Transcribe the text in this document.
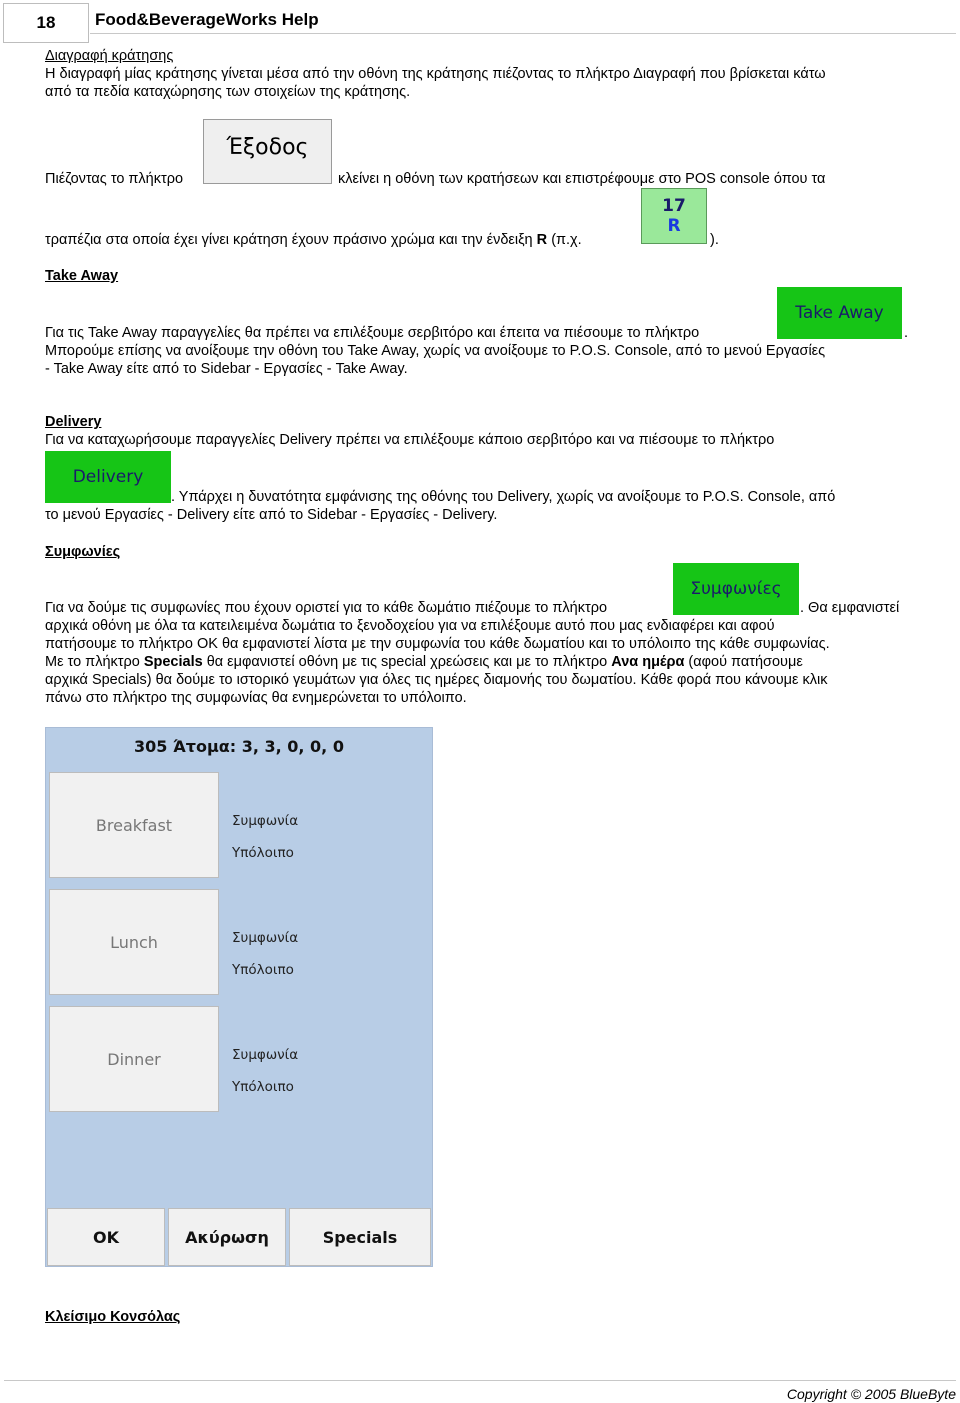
18	Food&BeverageWorks Help
Διαγραφή κράτησης
Η διαγραφή μίας κράτησης γίνεται μέσα από την οθόνη της κράτησης πιέζοντας το πλήκτρο Διαγραφή που βρίσκεται κάτω
από τα πεδία καταχώρησης των στοιχείων της κράτησης.
Πιέζοντας το πλήκτρο
Έξοδος
κλείνει η οθόνη των κρατήσεων και επιστρέφουμε στο POS console όπου τα
τραπέζια στα οποία έχει γίνει κράτηση έχουν πράσινο χρώμα και την ένδειξη R (π.χ.
17
R
).
Take Away
Για τις Take Away παραγγελίες θα πρέπει να επιλέξουμε σερβιτόρο και έπειτα να πιέσουμε το πλήκτρο
Take Away
.
Μπορούμε επίσης να ανοίξουμε την οθόνη του Take Away, χωρίς να ανοίξουμε το P.O.S. Console, από το μενού Εργασίες
- Take Away είτε από το Sidebar - Εργασίες - Take Away.
Delivery
Για να καταχωρήσουμε παραγγελίες Delivery πρέπει να επιλέξουμε κάποιο σερβιτόρο και να πιέσουμε το πλήκτρο
Delivery
. Υπάρχει η δυνατότητα εμφάνισης της οθόνης του Delivery, χωρίς να ανοίξουμε το P.O.S. Console, από
το μενού Εργασίες - Delivery είτε από το Sidebar - Εργασίες - Delivery.
Συμφωνίες
Για να δούμε τις συμφωνίες που έχουν οριστεί για το κάθε δωμάτιο πιέζουμε το πλήκτρο
Συμφωνίες
. Θα εμφανιστεί
αρχικά οθόνη με όλα τα κατειλειμένα δωμάτια το ξενοδοχείου για να επιλέξουμε αυτό που μας ενδιαφέρει και αφού
πατήσουμε το πλήκτρο OK θα εμφανιστεί λίστα με την συμφωνία του κάθε δωματίου και το υπόλοιπο της κάθε συμφωνίας.
Με το πλήκτρο Specials θα εμφανιστεί οθόνη με τις special χρεώσεις και με το πλήκτρο Ανα ημέρα (αφού πατήσουμε
αρχικά Specials) θα δούμε το ιστορικό γευμάτων για όλες τις ημέρες διαμονής του δωματίου. Κάθε φορά που κάνουμε κλικ
πάνω στο πλήκτρο της συμφωνίας θα ενημερώνεται το υπόλοιπο.
305 Άτομα: 3, 3, 0, 0, 0
Breakfast	Συμφωνία
Υπόλοιπο
Lunch	Συμφωνία
Υπόλοιπο
Dinner	Συμφωνία
Υπόλοιπο
OK	Ακύρωση	Specials
Κλείσιμο Κονσόλας
Copyright © 2005 BlueByte
